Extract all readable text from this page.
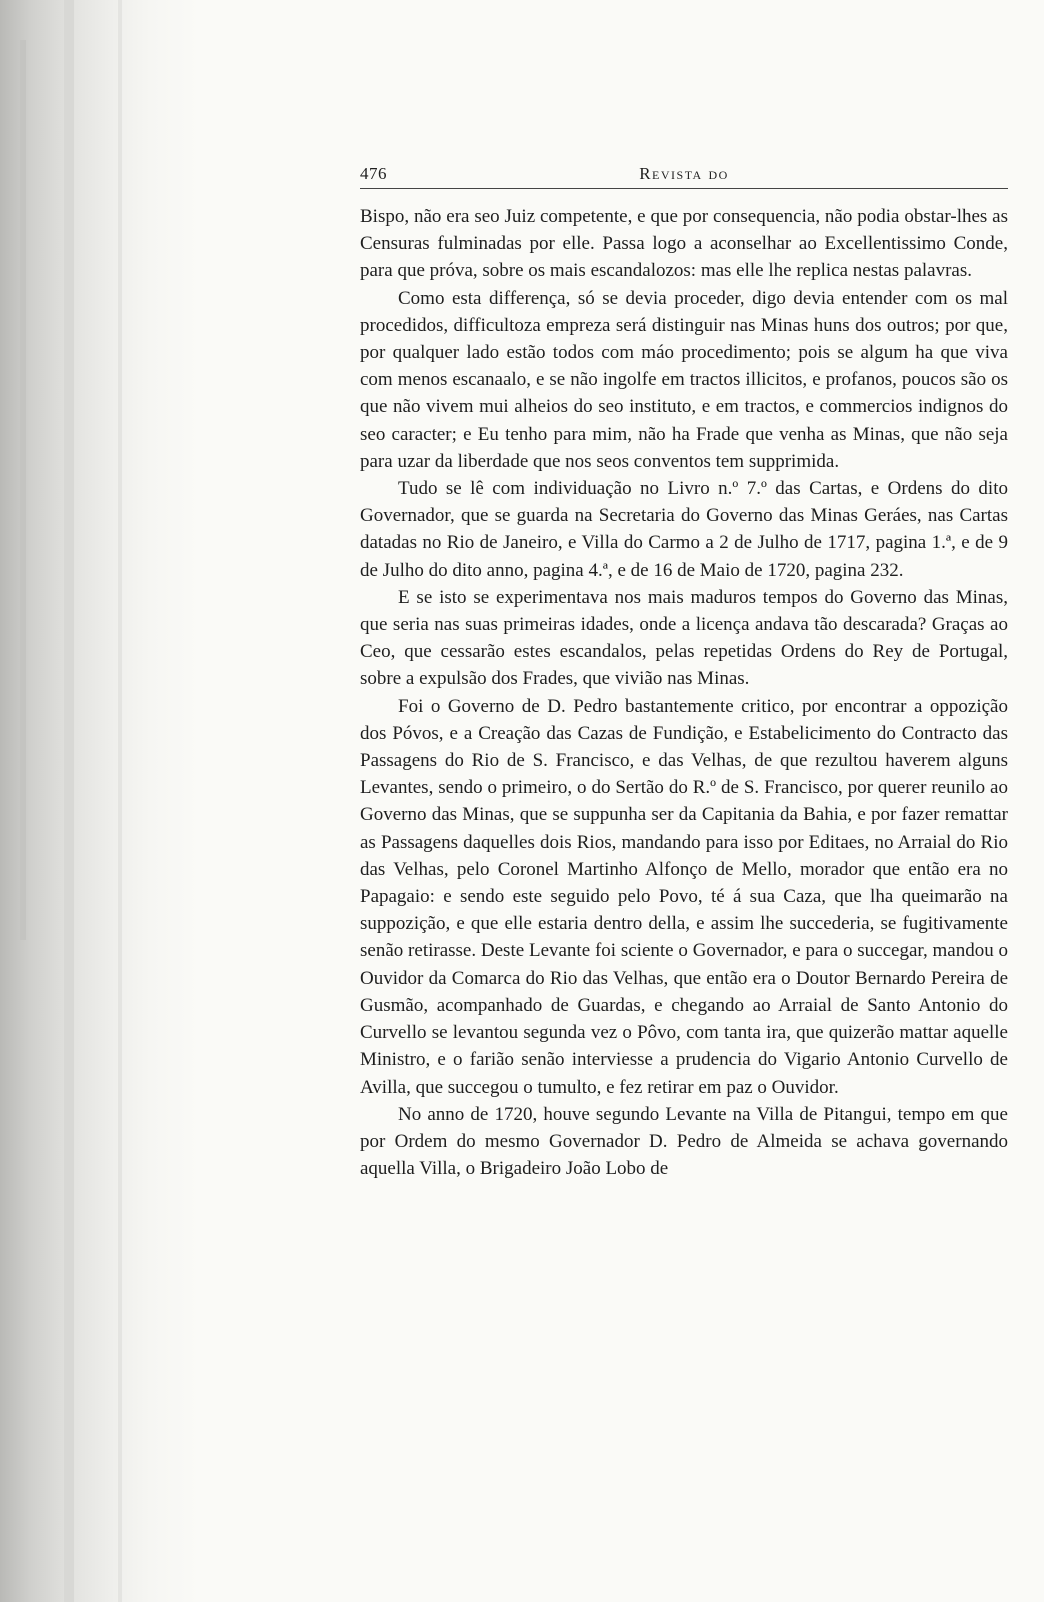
476	Revista do

Bispo, não era seo Juiz competente, e que por consequencia, não podia obstar-lhes as Censuras fulminadas por elle. Passa logo a aconselhar ao Excellentissimo Conde, para que próva, sobre os mais escandalozos: mas elle lhe replica nestas palavras.

Como esta differença, só se devia proceder, digo devia entender com os mal procedidos, difficultoza empreza será distinguir nas Minas huns dos outros; por que, por qualquer lado estão todos com máo procedimento; pois se algum ha que viva com menos escanaalo, e se não ingolfe em tractos illicitos, e profanos, poucos são os que não vivem mui alheios do seo instituto, e em tractos, e commercios indignos do seo caracter; e Eu tenho para mim, não ha Frade que venha as Minas, que não seja para uzar da liberdade que nos seos conventos tem supprimida.

Tudo se lê com individuação no Livro n.º 7.º das Cartas, e Ordens do dito Governador, que se guarda na Secretaria do Governo das Minas Geráes, nas Cartas datadas no Rio de Janeiro, e Villa do Carmo a 2 de Julho de 1717, pagina 1.ª, e de 9 de Julho do dito anno, pagina 4.ª, e de 16 de Maio de 1720, pagina 232.

E se isto se experimentava nos mais maduros tempos do Governo das Minas, que seria nas suas primeiras idades, onde a licença andava tão descarada? Graças ao Ceo, que cessarão estes escandalos, pelas repetidas Ordens do Rey de Portugal, sobre a expulsão dos Frades, que vivião nas Minas.

Foi o Governo de D. Pedro bastantemente critico, por encontrar a oppozição dos Póvos, e a Creação das Cazas de Fundição, e Estabelicimento do Contracto das Passagens do Rio de S. Francisco, e das Velhas, de que rezultou haverem alguns Levantes, sendo o primeiro, o do Sertão do R.º de S. Francisco, por querer reunilo ao Governo das Minas, que se suppunha ser da Capitania da Bahia, e por fazer remattar as Passagens daquelles dois Rios, mandando para isso por Editaes, no Arraial do Rio das Velhas, pelo Coronel Martinho Alfonço de Mello, morador que então era no Papagaio: e sendo este seguido pelo Povo, té á sua Caza, que lha queimarão na suppozição, e que elle estaria dentro della, e assim lhe succederia, se fugitivamente senão retirasse. Deste Levante foi sciente o Governador, e para o succegar, mandou o Ouvidor da Comarca do Rio das Velhas, que então era o Doutor Bernardo Pereira de Gusmão, acompanhado de Guardas, e chegando ao Arraial de Santo Antonio do Curvello se levantou segunda vez o Pôvo, com tanta ira, que quizerão mattar aquelle Ministro, e o farião senão interviesse a prudencia do Vigario Antonio Curvello de Avilla, que succegou o tumulto, e fez retirar em paz o Ouvidor.

No anno de 1720, houve segundo Levante na Villa de Pitangui, tempo em que por Ordem do mesmo Governador D. Pedro de Almeida se achava governando aquella Villa, o Brigadeiro João Lobo de
